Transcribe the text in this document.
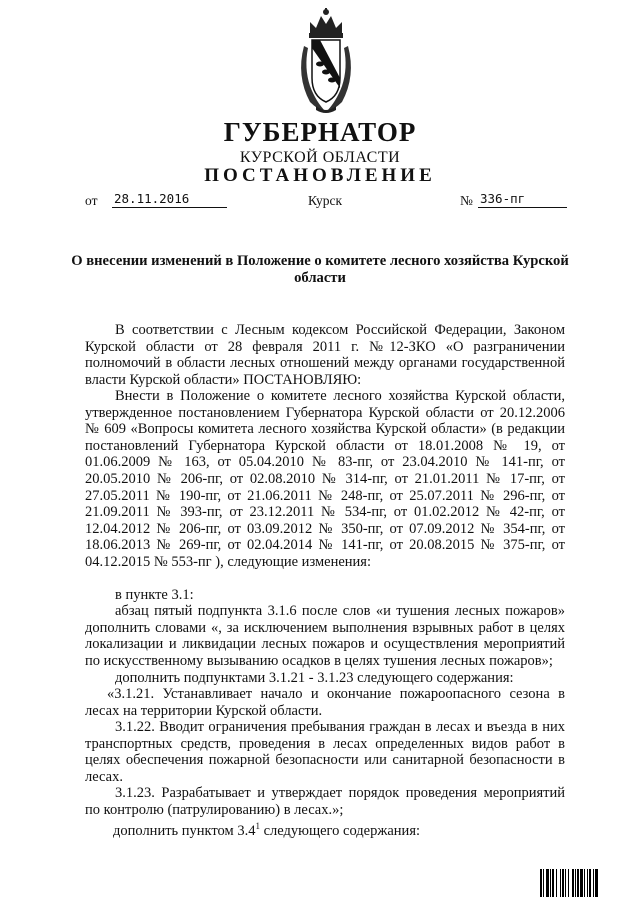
ГУБЕРНАТОР
КУРСКОЙ ОБЛАСТИ
ПОСТАНОВЛЕНИЕ
от 28.11.2016	Курск	№ 336-пг
О внесении изменений в Положение о комитете лесного хозяйства Курской области

В соответствии с Лесным кодексом Российской Федерации, Законом Курской области от 28 февраля 2011 г. №12-ЗКО «О разграничении полномочий в области лесных отношений между органами государственной власти Курской области» ПОСТАНОВЛЯЮ:

Внести в Положение о комитете лесного хозяйства Курской области, утвержденное постановлением Губернатора Курской области от 20.12.2006 № 609 «Вопросы комитета лесного хозяйства Курской области» (в редакции постановлений Губернатора Курской области от 18.01.2008 № 19, от 01.06.2009 № 163, от 05.04.2010 № 83-пг, от 23.04.2010 № 141-пг, от 20.05.2010 № 206-пг, от 02.08.2010 № 314-пг, от 21.01.2011 № 17-пг, от 27.05.2011 № 190-пг, от 21.06.2011 № 248-пг, от 25.07.2011 № 296-пг, от 21.09.2011 № 393-пг, от 23.12.2011 № 534-пг, от 01.02.2012 № 42-пг, от 12.04.2012 № 206-пг, от 03.09.2012 № 350-пг, от 07.09.2012 № 354-пг, от 18.06.2013 № 269-пг, от 02.04.2014 № 141-пг, от 20.08.2015 № 375-пг, от 04.12.2015 № 553-пг ), следующие изменения:

в пункте 3.1:

абзац пятый подпункта 3.1.6 после слов «и тушения лесных пожаров» дополнить словами «, за исключением выполнения взрывных работ в целях локализации и ликвидации лесных пожаров и осуществления мероприятий по искусственному вызыванию осадков в целях тушения лесных пожаров»;

дополнить подпунктами 3.1.21 - 3.1.23 следующего содержания:

«3.1.21. Устанавливает начало и окончание пожароопасного сезона в лесах на территории Курской области.

3.1.22. Вводит ограничения пребывания граждан в лесах и въезда в них транспортных средств, проведения в лесах определенных видов работ в целях обеспечения пожарной безопасности или санитарной безопасности в лесах.

3.1.23. Разрабатывает и утверждает порядок проведения мероприятий по контролю (патрулированию) в лесах.»;

дополнить пунктом $3.4^1$ следующего содержания:
